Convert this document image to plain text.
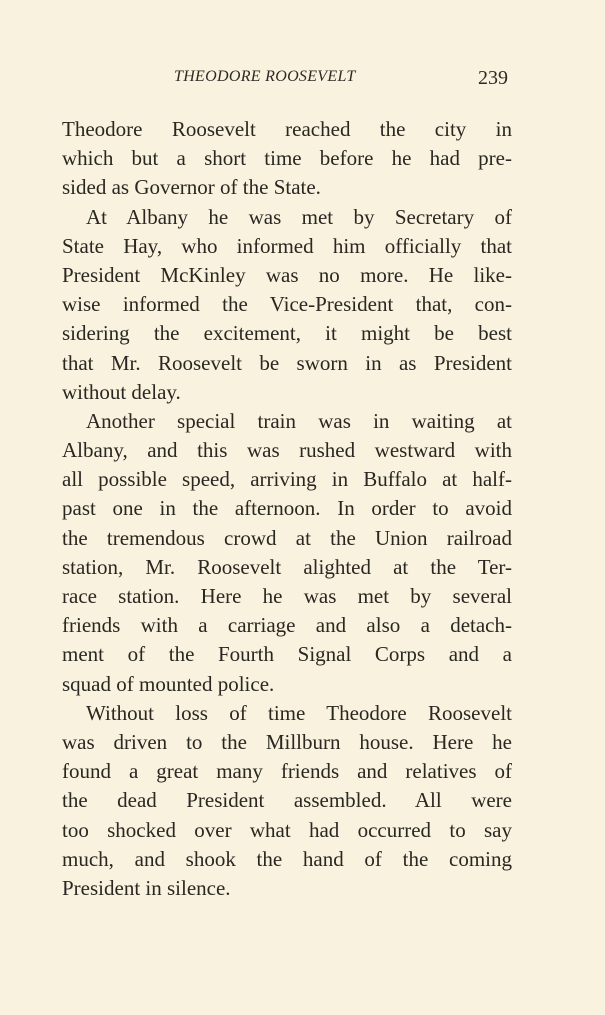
THEODORE ROOSEVELT	239
Theodore Roosevelt reached the city in
which but a short time before he had pre-
sided as Governor of the State.
At Albany he was met by Secretary of
State Hay, who informed him officially that
President McKinley was no more. He like-
wise informed the Vice-President that, con-
sidering the excitement, it might be best
that Mr. Roosevelt be sworn in as President
without delay.
Another special train was in waiting at
Albany, and this was rushed westward with
all possible speed, arriving in Buffalo at half-
past one in the afternoon. In order to avoid
the tremendous crowd at the Union railroad
station, Mr. Roosevelt alighted at the Ter-
race station. Here he was met by several
friends with a carriage and also a detach-
ment of the Fourth Signal Corps and a
squad of mounted police.
Without loss of time Theodore Roosevelt
was driven to the Millburn house. Here he
found a great many friends and relatives of
the dead President assembled. All were
too shocked over what had occurred to say
much, and shook the hand of the coming
President in silence.
